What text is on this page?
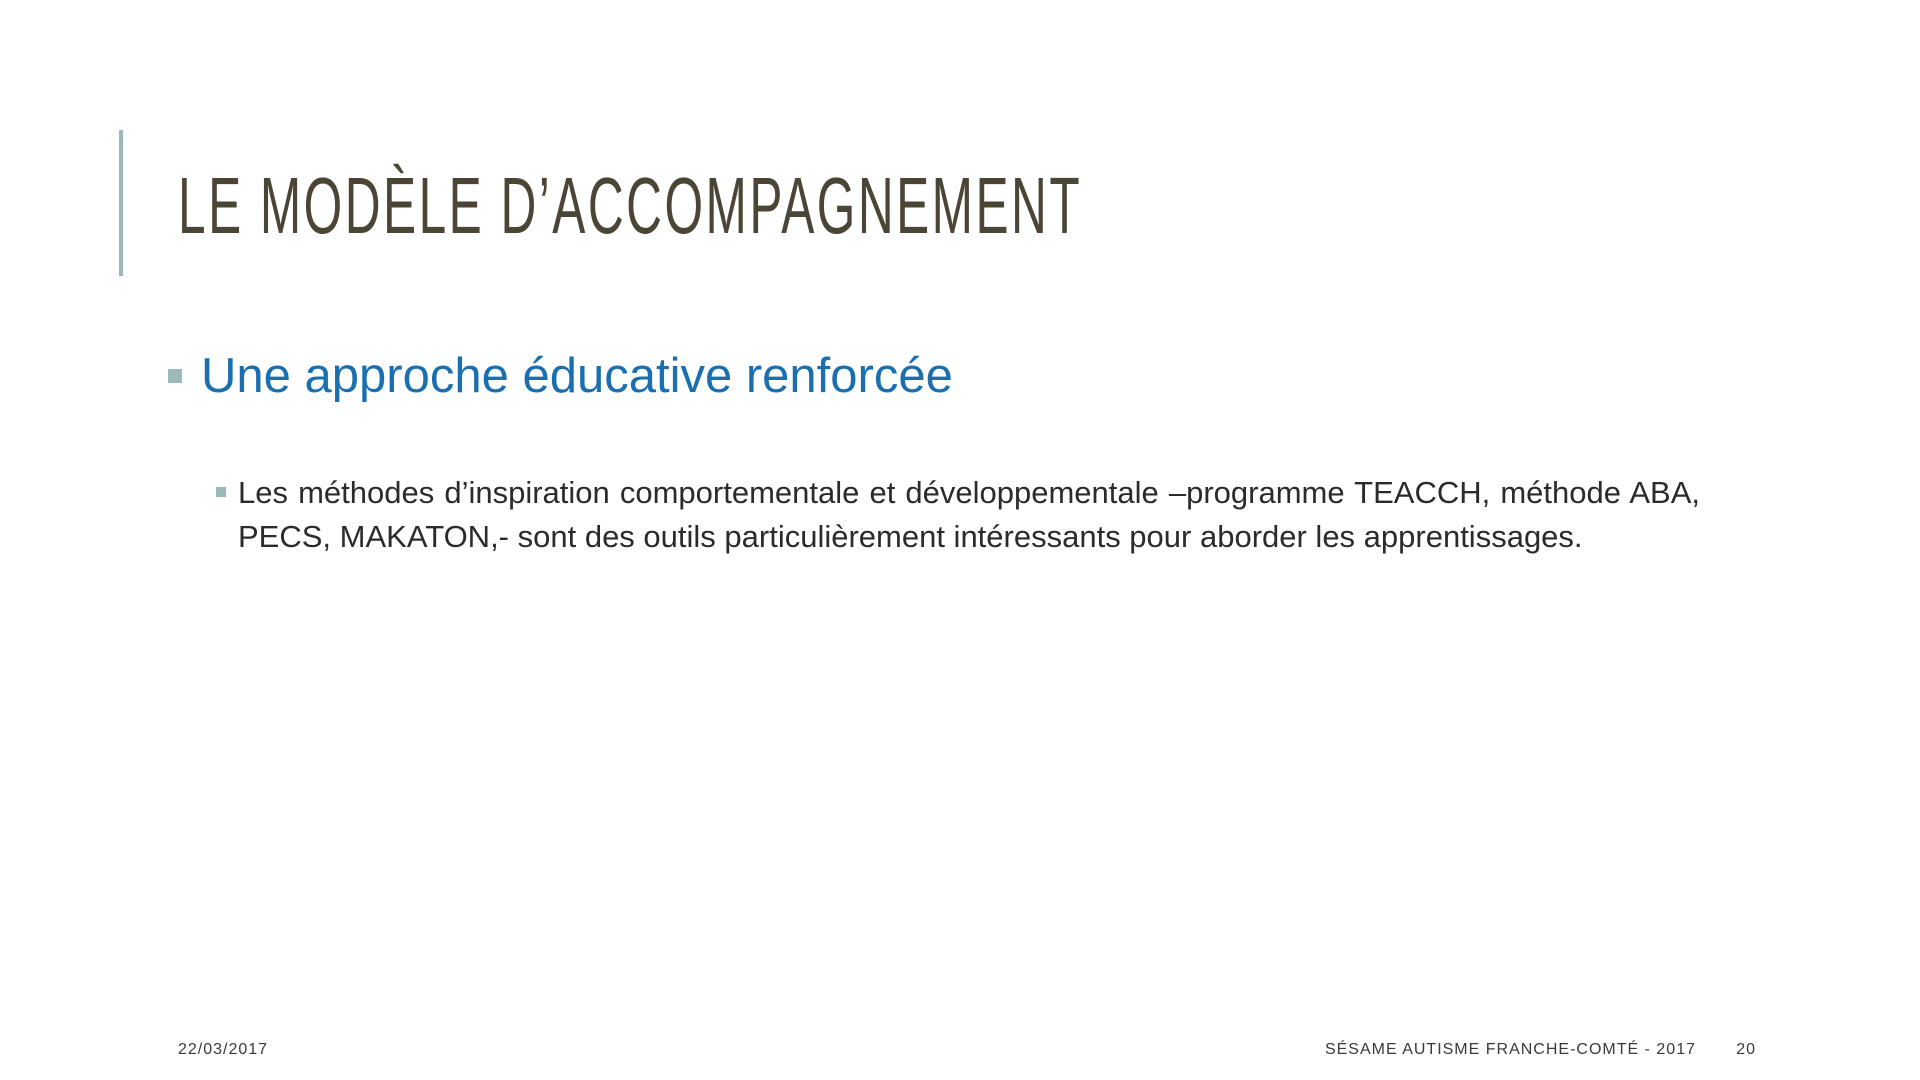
LE MODÈLE D’ACCOMPAGNEMENT
Une approche éducative renforcée

Les méthodes d’inspiration comportementale et développementale –programme TEACCH, méthode ABA, PECS, MAKATON,- sont des outils particulièrement intéressants pour aborder les apprentissages.

22/03/2017	SÉSAME AUTISME FRANCHE-COMTÉ - 2017	20
